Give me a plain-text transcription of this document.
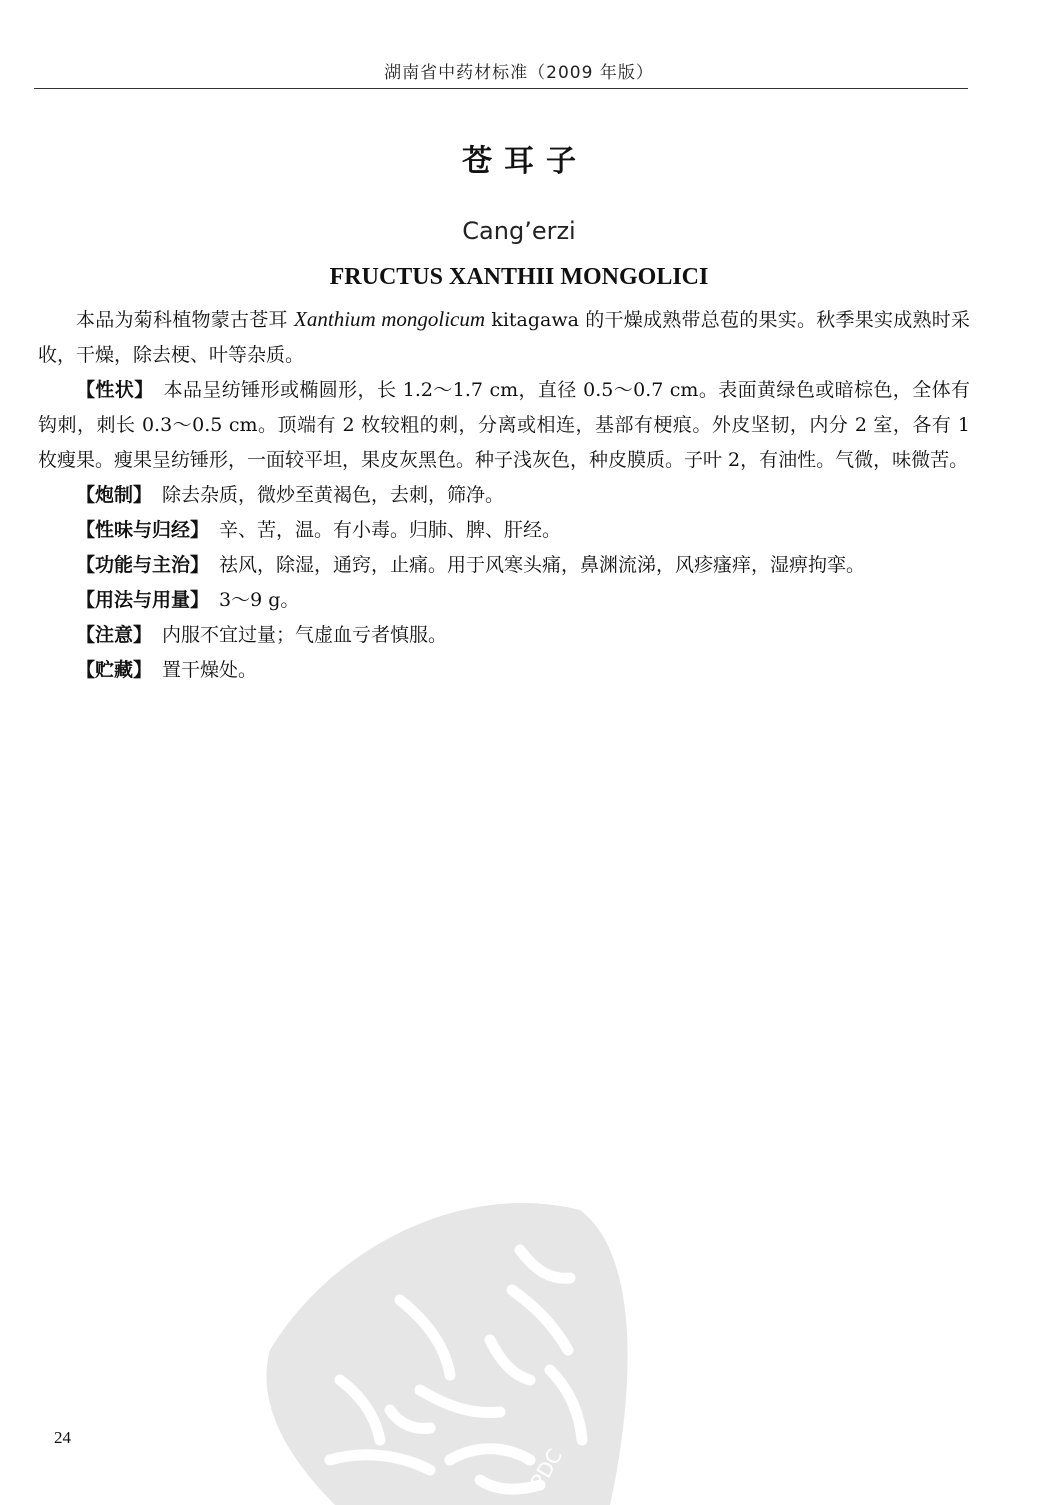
湖南省中药材标准（2009 年版）
苍耳子
Cang’erzi
FRUCTUS XANTHII MONGOLICI

本品为菊科植物蒙古苍耳 Xanthium mongolicum kitagawa 的干燥成熟带总苞的果实。秋季果实成熟时采收，干燥，除去梗、叶等杂质。

【性状】 本品呈纺锤形或椭圆形，长 1.2～1.7 cm，直径 0.5～0.7 cm。表面黄绿色或暗棕色，全体有钩刺，刺长 0.3～0.5 cm。顶端有 2 枚较粗的刺，分离或相连，基部有梗痕。外皮坚韧，内分 2 室，各有 1 枚瘦果。瘦果呈纺锤形，一面较平坦，果皮灰黑色。种子浅灰色，种皮膜质。子叶 2，有油性。气微，味微苦。

【炮制】 除去杂质，微炒至黄褐色，去刺，筛净。

【性味与归经】 辛、苦，温。有小毒。归肺、脾、肝经。

【功能与主治】 祛风，除湿，通窍，止痛。用于风寒头痛，鼻渊流涕，风疹瘙痒，湿痹拘挛。

【用法与用量】 3～9 g。

【注意】 内服不宜过量；气虚血亏者慎服。

【贮藏】 置干燥处。

24
PDC
